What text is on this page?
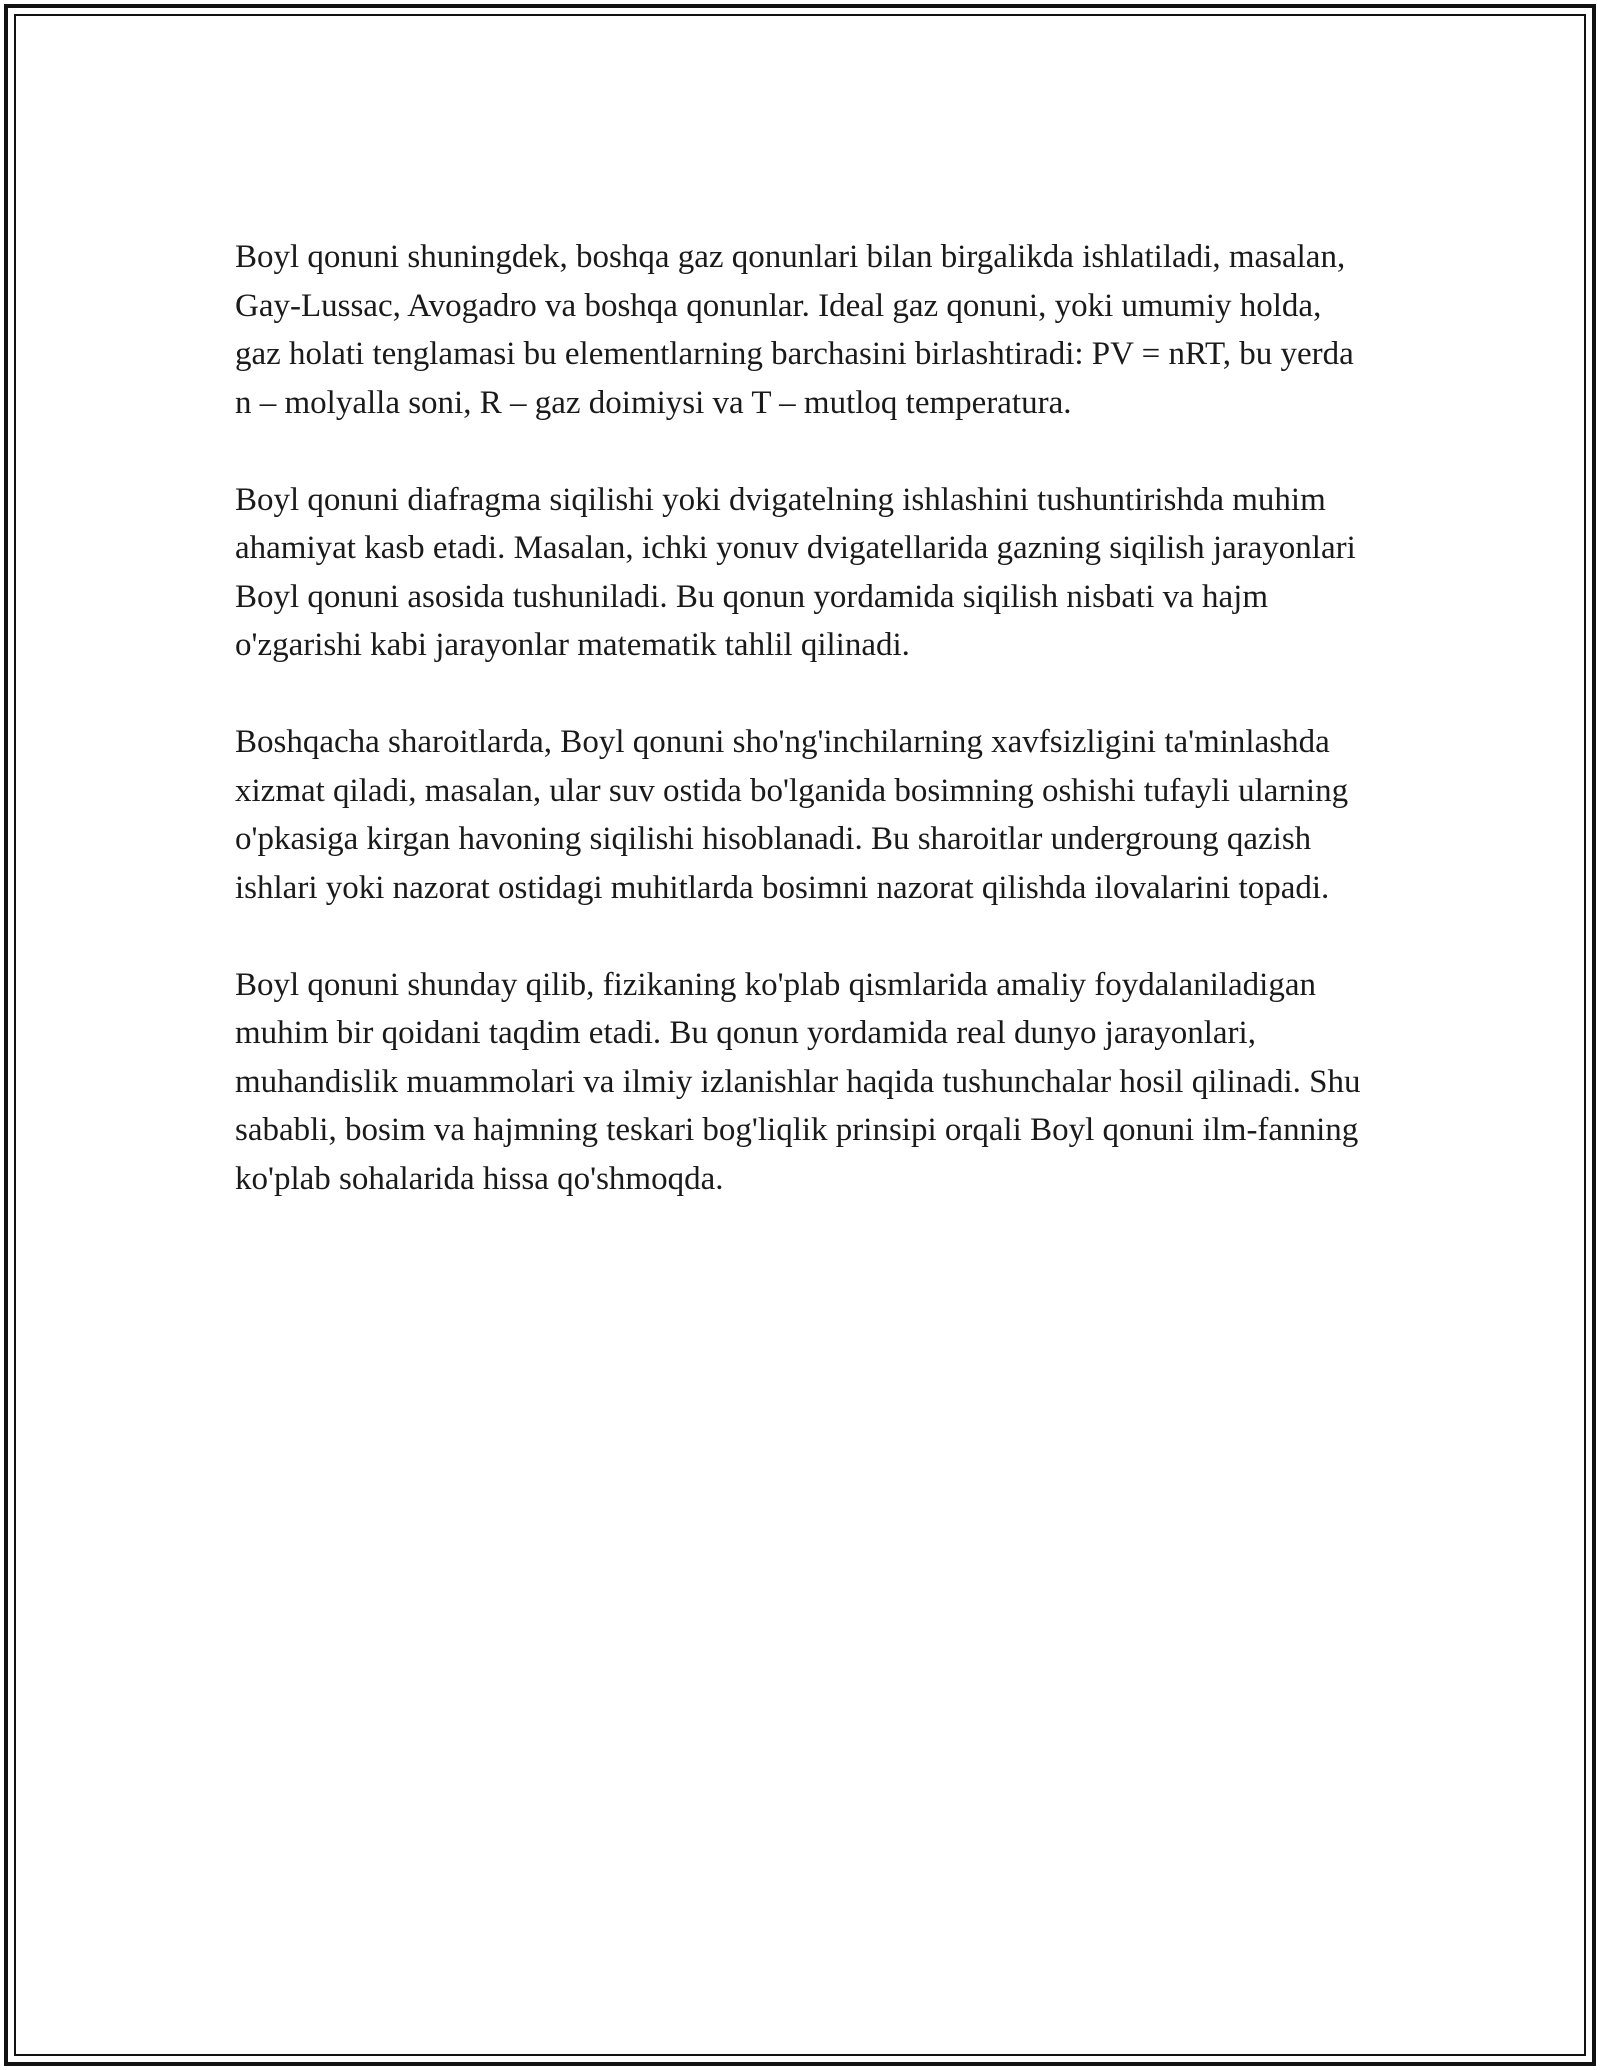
Boyl qonuni shuningdek, boshqa gaz qonunlari bilan birgalikda ishlatiladi, masalan, Gay-Lussac, Avogadro va boshqa qonunlar. Ideal gaz qonuni, yoki umumiy holda, gaz holati tenglamasi bu elementlarning barchasini birlashtiradi: PV = nRT, bu yerda n – molyalla soni, R – gaz doimiysi va T – mutloq temperatura.

Boyl qonuni diafragma siqilishi yoki dvigatelning ishlashini tushuntirishda muhim ahamiyat kasb etadi. Masalan, ichki yonuv dvigatellarida gazning siqilish jarayonlari Boyl qonuni asosida tushuniladi. Bu qonun yordamida siqilish nisbati va hajm o'zgarishi kabi jarayonlar matematik tahlil qilinadi.

Boshqacha sharoitlarda, Boyl qonuni sho'ng'inchilarning xavfsizligini ta'minlashda xizmat qiladi, masalan, ular suv ostida bo'lganida bosimning oshishi tufayli ularning o'pkasiga kirgan havoning siqilishi hisoblanadi. Bu sharoitlar undergroung qazish ishlari yoki nazorat ostidagi muhitlarda bosimni nazorat qilishda ilovalarini topadi.

Boyl qonuni shunday qilib, fizikaning ko'plab qismlarida amaliy foydalaniladigan muhim bir qoidani taqdim etadi. Bu qonun yordamida real dunyo jarayonlari, muhandislik muammolari va ilmiy izlanishlar haqida tushunchalar hosil qilinadi. Shu sababli, bosim va hajmning teskari bog'liqlik prinsipi orqali Boyl qonuni ilm-fanning ko'plab sohalarida hissa qo'shmoqda.
